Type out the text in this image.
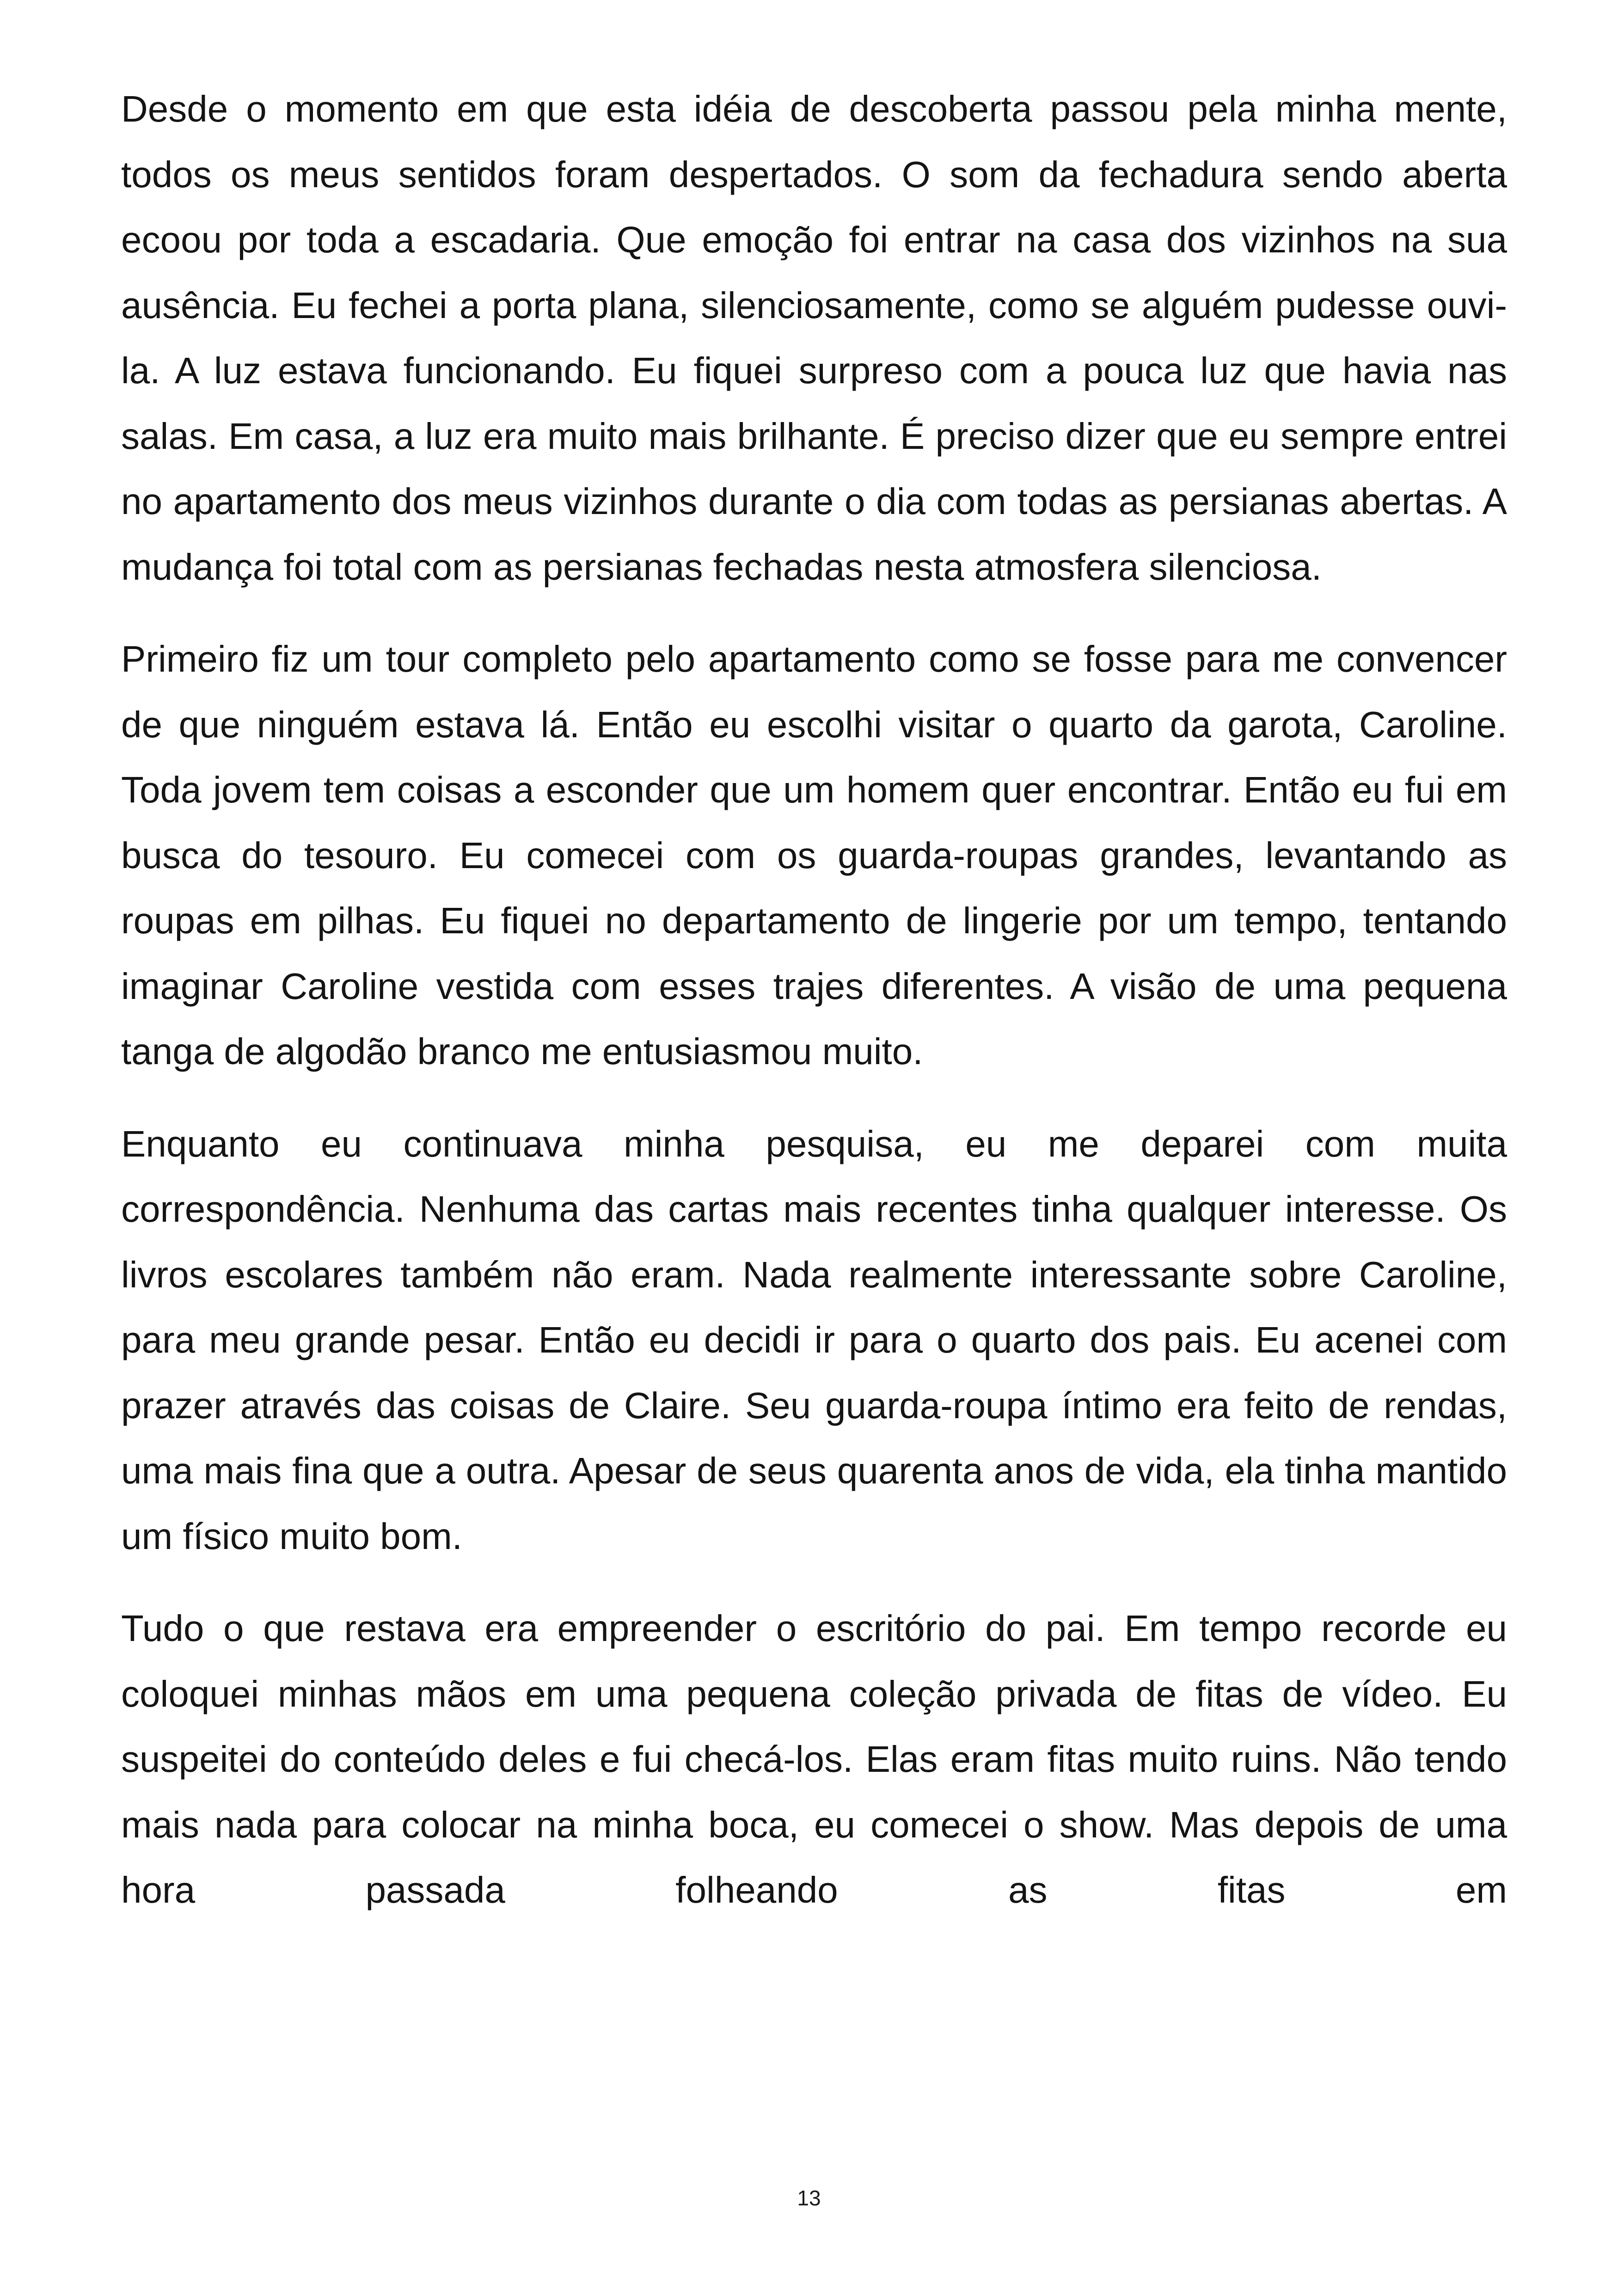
Desde o momento em que esta idéia de descoberta passou pela minha mente, todos os meus sentidos foram despertados. O som da fechadura sendo aberta ecoou por toda a escadaria. Que emoção foi entrar na casa dos vizinhos na sua ausência. Eu fechei a porta plana, silenciosamente, como se alguém pudesse ouvi-la. A luz estava funcionando. Eu fiquei surpreso com a pouca luz que havia nas salas. Em casa, a luz era muito mais brilhante. É preciso dizer que eu sempre entrei no apartamento dos meus vizinhos durante o dia com todas as persianas abertas. A mudança foi total com as persianas fechadas nesta atmosfera silenciosa.

Primeiro fiz um tour completo pelo apartamento como se fosse para me convencer de que ninguém estava lá. Então eu escolhi visitar o quarto da garota, Caroline. Toda jovem tem coisas a esconder que um homem quer encontrar. Então eu fui em busca do tesouro. Eu comecei com os guarda-roupas grandes, levantando as roupas em pilhas. Eu fiquei no departamento de lingerie por um tempo, tentando imaginar Caroline vestida com esses trajes diferentes. A visão de uma pequena tanga de algodão branco me entusiasmou muito.

Enquanto eu continuava minha pesquisa, eu me deparei com muita correspondência. Nenhuma das cartas mais recentes tinha qualquer interesse. Os livros escolares também não eram. Nada realmente interessante sobre Caroline, para meu grande pesar. Então eu decidi ir para o quarto dos pais. Eu acenei com prazer através das coisas de Claire. Seu guarda-roupa íntimo era feito de rendas, uma mais fina que a outra. Apesar de seus quarenta anos de vida, ela tinha mantido um físico muito bom.

Tudo o que restava era empreender o escritório do pai. Em tempo recorde eu coloquei minhas mãos em uma pequena coleção privada de fitas de vídeo. Eu suspeitei do conteúdo deles e fui checá-los. Elas eram fitas muito ruins. Não tendo mais nada para colocar na minha boca, eu comecei o show. Mas depois de uma hora passada folheando as fitas em

13
